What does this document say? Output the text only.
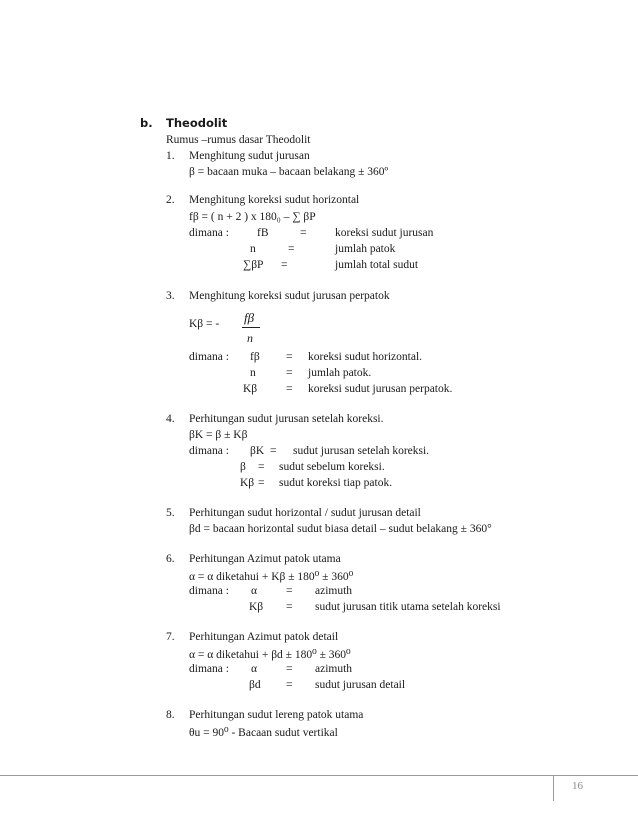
b. Theodolit
Rumus –rumus dasar Theodolit
1. Menghitung sudut jurusan
β = bacaan muka – bacaan belakang ± 360º
2. Menghitung koreksi sudut horizontal
fβ = ( n + 2 ) x 180₀ – ∑ βP
dimana : fB	= koreksi sudut jurusan
n	=	jumlah patok
∑βP =	jumlah total sudut
3. Menghitung koreksi sudut jurusan perpatok
Kβ = - fβ
n
dimana : fβ = koreksi sudut horizontal.
n	= jumlah patok.
Kβ	= koreksi sudut jurusan perpatok.
4. Perhitungan sudut jurusan setelah koreksi.
βK = β ± Kβ
dimana : βK = sudut jurusan setelah koreksi.
β = sudut sebelum koreksi.
Kβ = sudut koreksi tiap patok.
5. Perhitungan sudut horizontal / sudut jurusan detail
βd = bacaan horizontal sudut biasa detail – sudut belakang ± 360°
6. Perhitungan Azimut patok utama
α = α diketahui + Kβ ± 180⁰ ± 360⁰
dimana : α	= azimuth
Kβ = sudut jurusan titik utama setelah koreksi
7. Perhitungan Azimut patok detail
α = α diketahui + βd ± 180⁰ ± 360⁰
dimana : α	= azimuth
βd = sudut jurusan detail
8. Perhitungan sudut lereng patok utama
θu = 90⁰ - Bacaan sudut vertikal
16
